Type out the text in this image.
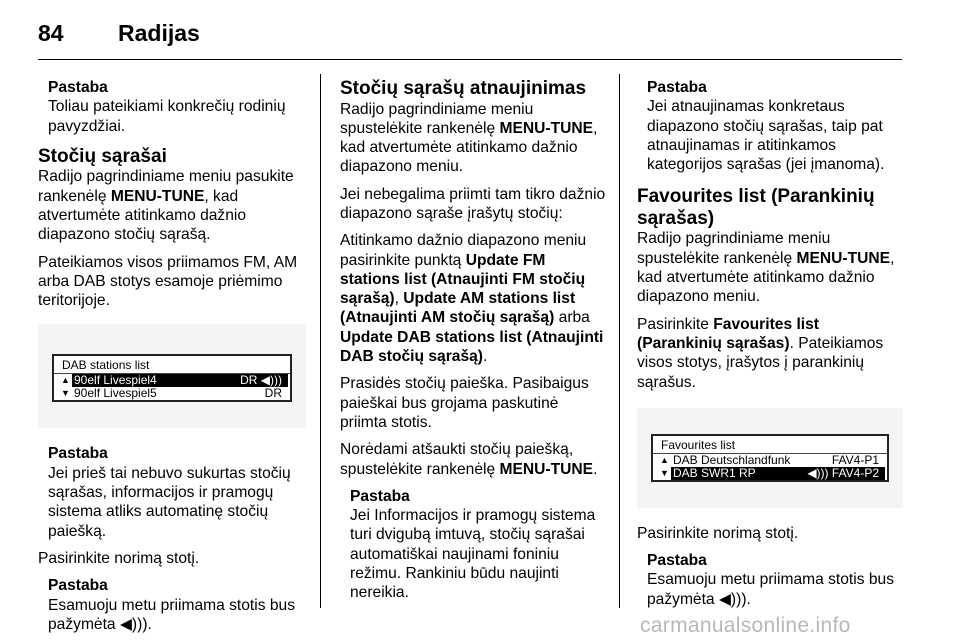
84 Radijas
Pastaba
Toliau pateikiami konkrečių rodinių pavyzdžiai.
Stočių sąrašai
Radijo pagrindiniame meniu pasukite rankenėlę MENU-TUNE, kad atvertumėte atitinkamo dažnio diapazono stočių sąrašą.
Pateikiamos visos priimamos FM, AM arba DAB stotys esamoje priėmimo teritorijoje.
DAB stations list
▲ 90elf Livespiel4	DR ◀)))
▼ 90elf Livespiel5	DR
Pastaba
Jei prieš tai nebuvo sukurtas stočių sąrašas, informacijos ir pramogų sistema atliks automatinę stočių paiešką.
Pasirinkite norimą stotį.
Pastaba
Esamuoju metu priimama stotis bus pažymėta ◀))).
Stočių sąrašų atnaujinimas
Radijo pagrindiniame meniu spustelėkite rankenėlę MENU-TUNE, kad atvertumėte atitinkamo dažnio diapazono meniu.
Jei nebegalima priimti tam tikro dažnio diapazono sąraše įrašytų stočių:
Atitinkamo dažnio diapazono meniu pasirinkite punktą Update FM stations list (Atnaujinti FM stočių sąrašą), Update AM stations list (Atnaujinti AM stočių sąrašą) arba Update DAB stations list (Atnaujinti DAB stočių sąrašą).
Prasidės stočių paieška. Pasibaigus paieškai bus grojama paskutinė priimta stotis.
Norėdami atšaukti stočių paiešką, spustelėkite rankenėlę MENU-TUNE.
Pastaba
Jei Informacijos ir pramogų sistema turi dvigubą imtuvą, stočių sąrašai automatiškai naujinami foniniu režimu. Rankiniu būdu naujinti nereikia.
Pastaba
Jei atnaujinamas konkretaus diapazono stočių sąrašas, taip pat atnaujinamas ir atitinkamos kategorijos sąrašas (jei įmanoma).
Favourites list (Parankinių sąrašas)
Radijo pagrindiniame meniu spustelėkite rankenėlę MENU-TUNE, kad atvertumėte atitinkamo dažnio diapazono meniu.
Pasirinkite Favourites list (Parankinių sąrašas). Pateikiamos visos stotys, įrašytos į parankinių sąrašus.
Favourites list
▲ DAB Deutschlandfunk	FAV4-P1
▼ DAB SWR1 RP	◀))) FAV4-P2
Pasirinkite norimą stotį.
Pastaba
Esamuoju metu priimama stotis bus pažymėta ◀))).
carmanualsonline.info
